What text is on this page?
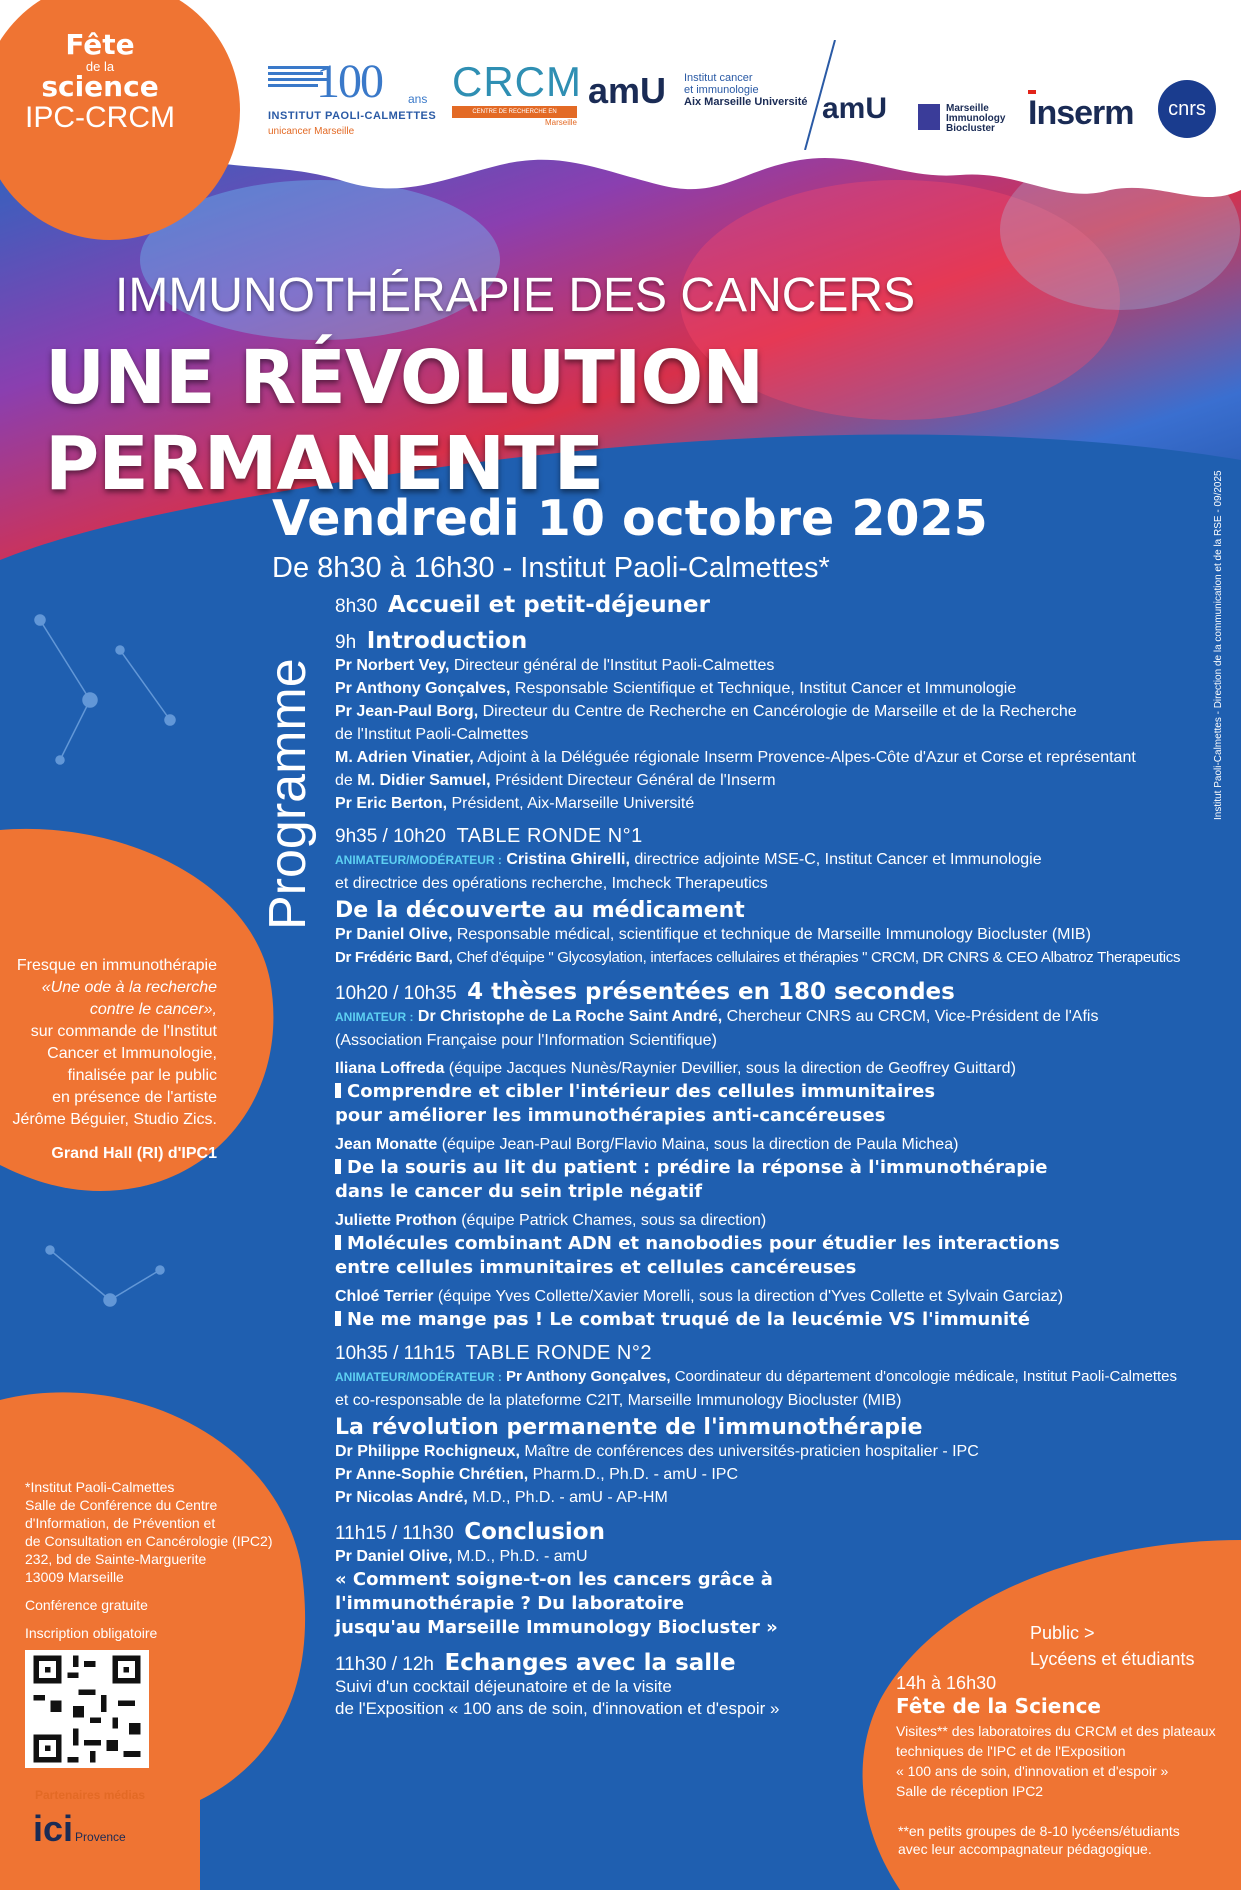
Fête
de la
science
IPC-CRCM
100 ans
INSTITUT PAOLI-CALMETTES
unicancer Marseille
CRCM
CENTRE DE RECHERCHE EN CANCÉROLOGIE Marseille
amU Institut cancer
et immunologie
Aix Marseille Université amU	Marseille
Immunology
Biocluster Inserm	cnrs
IMMUNOTHÉRAPIE DES CANCERS
UNE RÉVOLUTION PERMANENTE
Vendredi 10 octobre 2025
De 8h30 à 16h30 - Institut Paoli-Calmettes*
Programme	Institut Paoli-Calmettes - Direction de la communication et de la RSE - 09/2025
8h30 Accueil et petit-déjeuner
9h Introduction
Pr Norbert Vey, Directeur général de l'Institut Paoli-Calmettes
Pr Anthony Gonçalves, Responsable Scientifique et Technique, Institut Cancer et Immunologie
Pr Jean-Paul Borg, Directeur du Centre de Recherche en Cancérologie de Marseille et de la Recherche
de l'Institut Paoli-Calmettes
M. Adrien Vinatier, Adjoint à la Déléguée régionale Inserm Provence-Alpes-Côte d'Azur et Corse et représentant
de M. Didier Samuel, Président Directeur Général de l'Inserm
Pr Eric Berton, Président, Aix-Marseille Université
9h35 / 10h20 TABLE RONDE N°1
ANIMATEUR/MODÉRATEUR : Cristina Ghirelli, directrice adjointe MSE-C, Institut Cancer et Immunologie
et directrice des opérations recherche, Imcheck Therapeutics
De la découverte au médicament
Pr Daniel Olive, Responsable médical, scientifique et technique de Marseille Immunology Biocluster (MIB)
Dr Frédéric Bard, Chef d'équipe " Glycosylation, interfaces cellulaires et thérapies " CRCM, DR CNRS & CEO Albatroz Therapeutics
10h20 / 10h35 4 thèses présentées en 180 secondes
ANIMATEUR : Dr Christophe de La Roche Saint André, Chercheur CNRS au CRCM, Vice-Président de l'Afis
(Association Française pour l'Information Scientifique)
Iliana Loffreda (équipe Jacques Nunès/Raynier Devillier, sous la direction de Geoffrey Guittard)
Comprendre et cibler l'intérieur des cellules immunitaires
pour améliorer les immunothérapies anti-cancéreuses
Jean Monatte (équipe Jean-Paul Borg/Flavio Maina, sous la direction de Paula Michea)
De la souris au lit du patient : prédire la réponse à l'immunothérapie
dans le cancer du sein triple négatif
Juliette Prothon (équipe Patrick Chames, sous sa direction)
Molécules combinant ADN et nanobodies pour étudier les interactions
entre cellules immunitaires et cellules cancéreuses
Chloé Terrier (équipe Yves Collette/Xavier Morelli, sous la direction d'Yves Collette et Sylvain Garciaz)
Ne me mange pas ! Le combat truqué de la leucémie VS l'immunité
10h35 / 11h15 TABLE RONDE N°2
ANIMATEUR/MODÉRATEUR : Pr Anthony Gonçalves, Coordinateur du département d'oncologie médicale, Institut Paoli-Calmettes
et co-responsable de la plateforme C2IT, Marseille Immunology Biocluster (MIB)
La révolution permanente de l'immunothérapie
Dr Philippe Rochigneux, Maître de conférences des universités-praticien hospitalier - IPC
Pr Anne-Sophie Chrétien, Pharm.D., Ph.D. - amU - IPC
Pr Nicolas André, M.D., Ph.D. - amU - AP-HM
11h15 / 11h30 Conclusion
Pr Daniel Olive, M.D., Ph.D. - amU
« Comment soigne-t-on les cancers grâce à
l'immunothérapie ? Du laboratoire
jusqu'au Marseille Immunology Biocluster »
11h30 / 12h Echanges avec la salle
Suivi d'un cocktail déjeunatoire et de la visite
de l'Exposition « 100 ans de soin, d'innovation et d'espoir »
Fresque en immunothérapie
«Une ode à la recherche
contre le cancer»,
sur commande de l'Institut
Cancer et Immunologie,
finalisée par le public
en présence de l'artiste
Jérôme Béguier, Studio Zics.
Grand Hall (RI) d'IPC1
*Institut Paoli-Calmettes
Salle de Conférence du Centre
d'Information, de Prévention et
de Consultation en Cancérologie (IPC2)
232, bd de Sainte-Marguerite
13009 Marseille
Conférence gratuite
Inscription obligatoire
Partenaires médias
ici Provence
Public >
Lycéens et étudiants
14h à 16h30
Fête de la Science
Visites** des laboratoires du CRCM et des plateaux
techniques de l'IPC et de l'Exposition
« 100 ans de soin, d'innovation et d'espoir »
Salle de réception IPC2
**en petits groupes de 8-10 lycéens/étudiants
avec leur accompagnateur pédagogique.
